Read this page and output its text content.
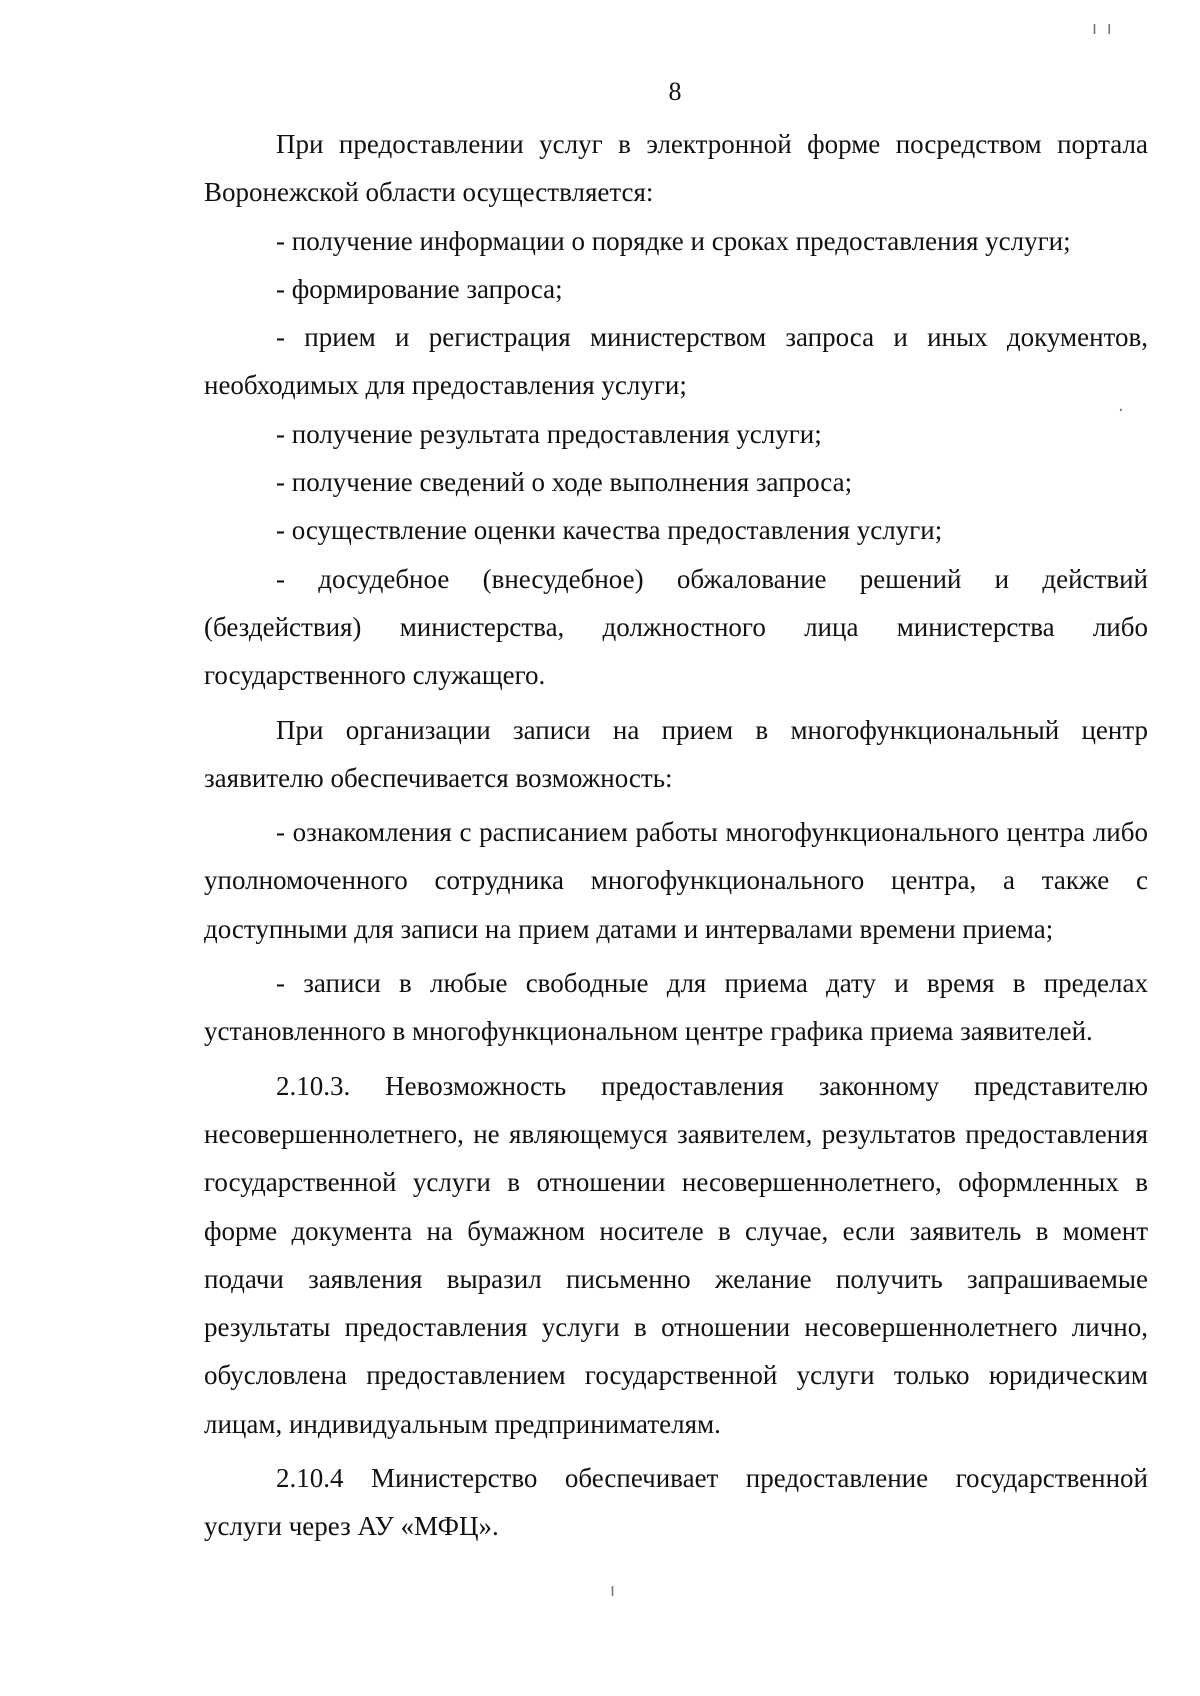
8

При предоставлении услуг в электронной форме посредством портала Воронежской области осуществляется:

- получение информации о порядке и сроках предоставления услуги;

- формирование запроса;

- прием и регистрация министерством запроса и иных документов, необходимых для предоставления услуги;

- получение результата предоставления услуги;

- получение сведений о ходе выполнения запроса;

- осуществление оценки качества предоставления услуги;

- досудебное (внесудебное) обжалование решений и действий (бездействия) министерства, должностного лица министерства либо государственного служащего.

При организации записи на прием в многофункциональный центр заявителю обеспечивается возможность:

- ознакомления с расписанием работы многофункционального центра либо уполномоченного сотрудника многофункционального центра, а также с доступными для записи на прием датами и интервалами времени приема;

- записи в любые свободные для приема дату и время в пределах установленного в многофункциональном центре графика приема заявителей.

2.10.3. Невозможность предоставления законному представителю несовершеннолетнего, не являющемуся заявителем, результатов предоставления государственной услуги в отношении несовершеннолетнего, оформленных в форме документа на бумажном носителе в случае, если заявитель в момент подачи заявления выразил письменно желание получить запрашиваемые результаты предоставления услуги в отношении несовершеннолетнего лично, обусловлена предоставлением государственной услуги только юридическим лицам, индивидуальным предпринимателям.

2.10.4 Министерство обеспечивает предоставление государственной услуги через АУ «МФЦ».

ı ı
·
ı
